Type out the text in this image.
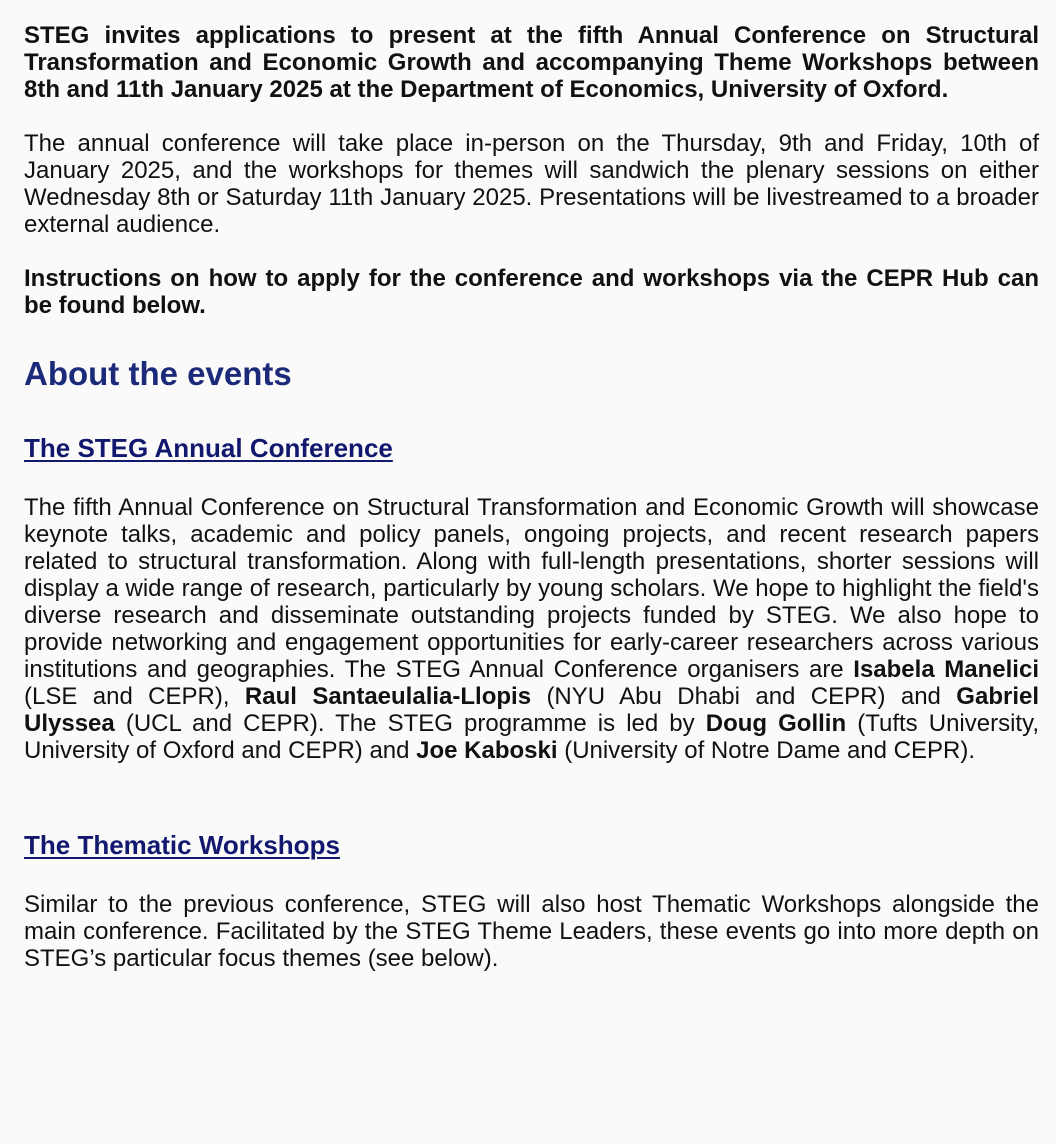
STEG invites applications to present at the fifth Annual Conference on Structural Transformation and Economic Growth and accompanying Theme Workshops between 8th and 11th January 2025 at the Department of Economics, University of Oxford.

The annual conference will take place in-person on the Thursday, 9th and Friday, 10th of January 2025, and the workshops for themes will sandwich the plenary sessions on either Wednesday 8th or Saturday 11th January 2025. Presentations will be livestreamed to a broader external audience.

Instructions on how to apply for the conference and workshops via the CEPR Hub can be found below.

About the events
The STEG Annual Conference

The fifth Annual Conference on Structural Transformation and Economic Growth will showcase keynote talks, academic and policy panels, ongoing projects, and recent research papers related to structural transformation. Along with full-length presentations, shorter sessions will display a wide range of research, particularly by young scholars. We hope to highlight the field's diverse research and disseminate outstanding projects funded by STEG. We also hope to provide networking and engagement opportunities for early-career researchers across various institutions and geographies. The STEG Annual Conference organisers are Isabela Manelici (LSE and CEPR), Raul Santaeulalia-Llopis (NYU Abu Dhabi and CEPR) and Gabriel Ulyssea (UCL and CEPR). The STEG programme is led by Doug Gollin (Tufts University, University of Oxford and CEPR) and Joe Kaboski (University of Notre Dame and CEPR).

The Thematic Workshops

Similar to the previous conference, STEG will also host Thematic Workshops alongside the main conference. Facilitated by the STEG Theme Leaders, these events go into more depth on STEG’s particular focus themes (see below).
